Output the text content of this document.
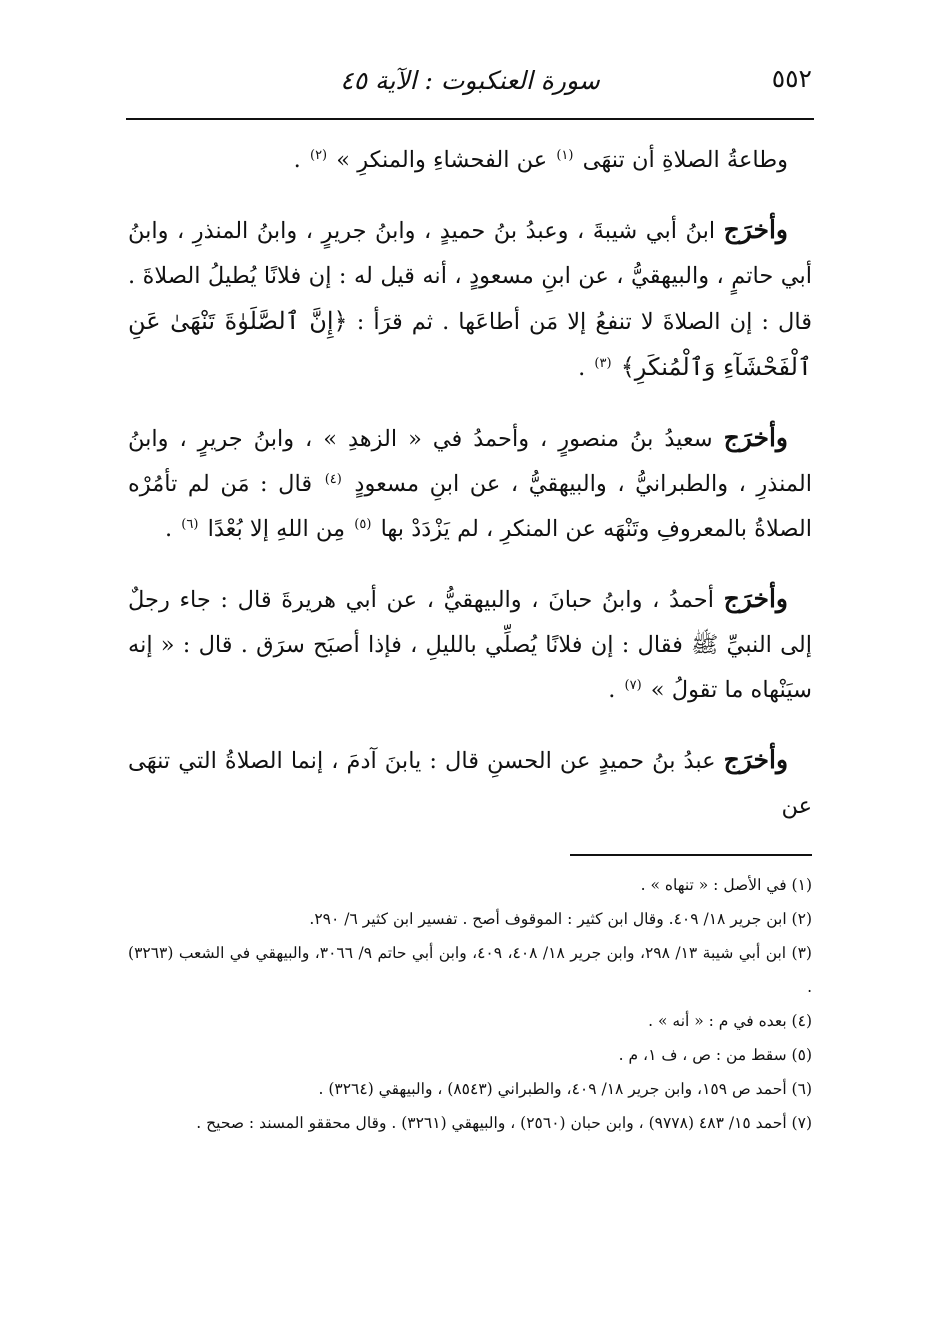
٥٥٢
سورة العنكبوت : الآية ٤٥

وطاعةُ الصلاةِ أن تنهَى $^{(١)}$ عن الفحشاءِ والمنكرِ » $^{(٢)}$ .

وأخرَج ابنُ أبي شيبةَ ، وعبدُ بنُ حميدٍ ، وابنُ جريرٍ ، وابنُ المنذرِ ، وابنُ أبي حاتمٍ ، والبيهقيُّ ، عن ابنِ مسعودٍ ، أنه قيل له : إن فلانًا يُطيلُ الصلاةَ . قال : إن الصلاةَ لا تنفعُ إلا مَن أطاعَها . ثم قرَأ : ﴿إِنَّ ٱلصَّلَوٰةَ تَنْهَىٰ عَنِ ٱلْفَحْشَآءِ وَٱلْمُنكَرِ﴾ $^{(٣)}$ .

وأخرَج سعيدُ بنُ منصورٍ ، وأحمدُ في « الزهدِ » ، وابنُ جريرٍ ، وابنُ المنذرِ ، والطبرانيُّ ، والبيهقيُّ ، عن ابنِ مسعودٍ $^{(٤)}$ قال : مَن لم تأمُرْه الصلاةُ بالمعروفِ وتَنْهَه عن المنكرِ ، لم يَزْدَدْ بها $^{(٥)}$ مِن اللهِ إلا بُعْدًا $^{(٦)}$ .

وأخرَج أحمدُ ، وابنُ حبانَ ، والبيهقيُّ ، عن أبي هريرةَ قال : جاء رجلٌ إلى النبيِّ ﷺ فقال : إن فلانًا يُصلِّي بالليلِ ، فإذا أصبَح سرَق . قال : « إنه سيَنْهاه ما تقولُ » $^{(٧)}$ .

وأخرَج عبدُ بنُ حميدٍ عن الحسنِ قال : يابنَ آدمَ ، إنما الصلاةُ التي تنهَى عن

(١) في الأصل : « تنهاه » .

(٢) ابن جرير ١٨/ ٤٠٩. وقال ابن كثير : الموقوف أصح . تفسير ابن كثير ٦/ ٢٩٠.

(٣) ابن أبي شيبة ١٣/ ٢٩٨، وابن جرير ١٨/ ٤٠٨، ٤٠٩، وابن أبي حاتم ٩/ ٣٠٦٦، والبيهقي في الشعب (٣٢٦٣) .

(٤) بعده في م : « أنه » .

(٥) سقط من : ص ، ف ١، م .

(٦) أحمد ص ١٥٩، وابن جرير ١٨/ ٤٠٩، والطبراني (٨٥٤٣) ، والبيهقي (٣٢٦٤) .

(٧) أحمد ١٥/ ٤٨٣ (٩٧٧٨) ، وابن حبان (٢٥٦٠) ، والبيهقي (٣٢٦١) . وقال محققو المسند : صحيح .
